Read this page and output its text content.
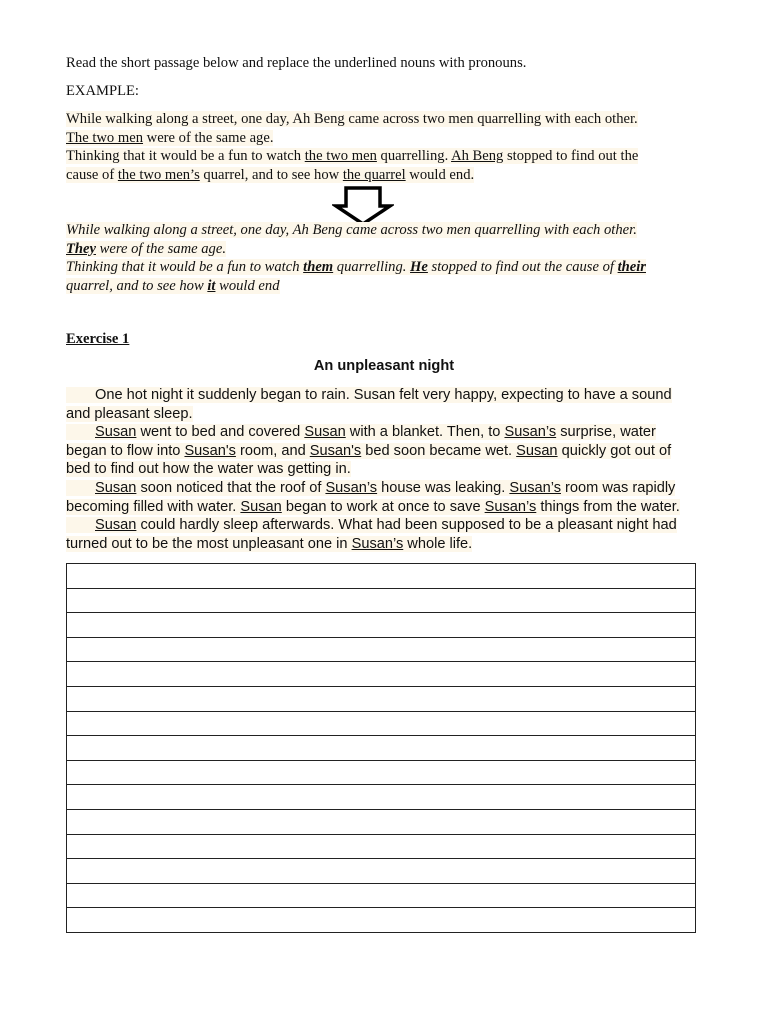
Read the short passage below and replace the underlined nouns with pronouns.
EXAMPLE:
While walking along a street, one day, Ah Beng came across two men quarrelling with each other.
The two men were of the same age.
Thinking that it would be a fun to watch the two men quarrelling. Ah Beng stopped to find out the
cause of the two men’s quarrel, and to see how the quarrel would end.
While walking along a street, one day, Ah Beng came across two men quarrelling with each other.
They were of the same age.
Thinking that it would be a fun to watch them quarrelling. He stopped to find out the cause of their
quarrel, and to see how it would end
Exercise 1
An unpleasant night
One hot night it suddenly began to rain. Susan felt very happy, expecting to have a sound
and pleasant sleep.
Susan went to bed and covered Susan with a blanket. Then, to Susan’s surprise, water
began to flow into Susan's room, and Susan's bed soon became wet. Susan quickly got out of
bed to find out how the water was getting in.
Susan soon noticed that the roof of Susan’s house was leaking. Susan’s room was rapidly
becoming filled with water. Susan began to work at once to save Susan’s things from the water.
Susan could hardly sleep afterwards. What had been supposed to be a pleasant night had
turned out to be the most unpleasant one in Susan’s whole life.
